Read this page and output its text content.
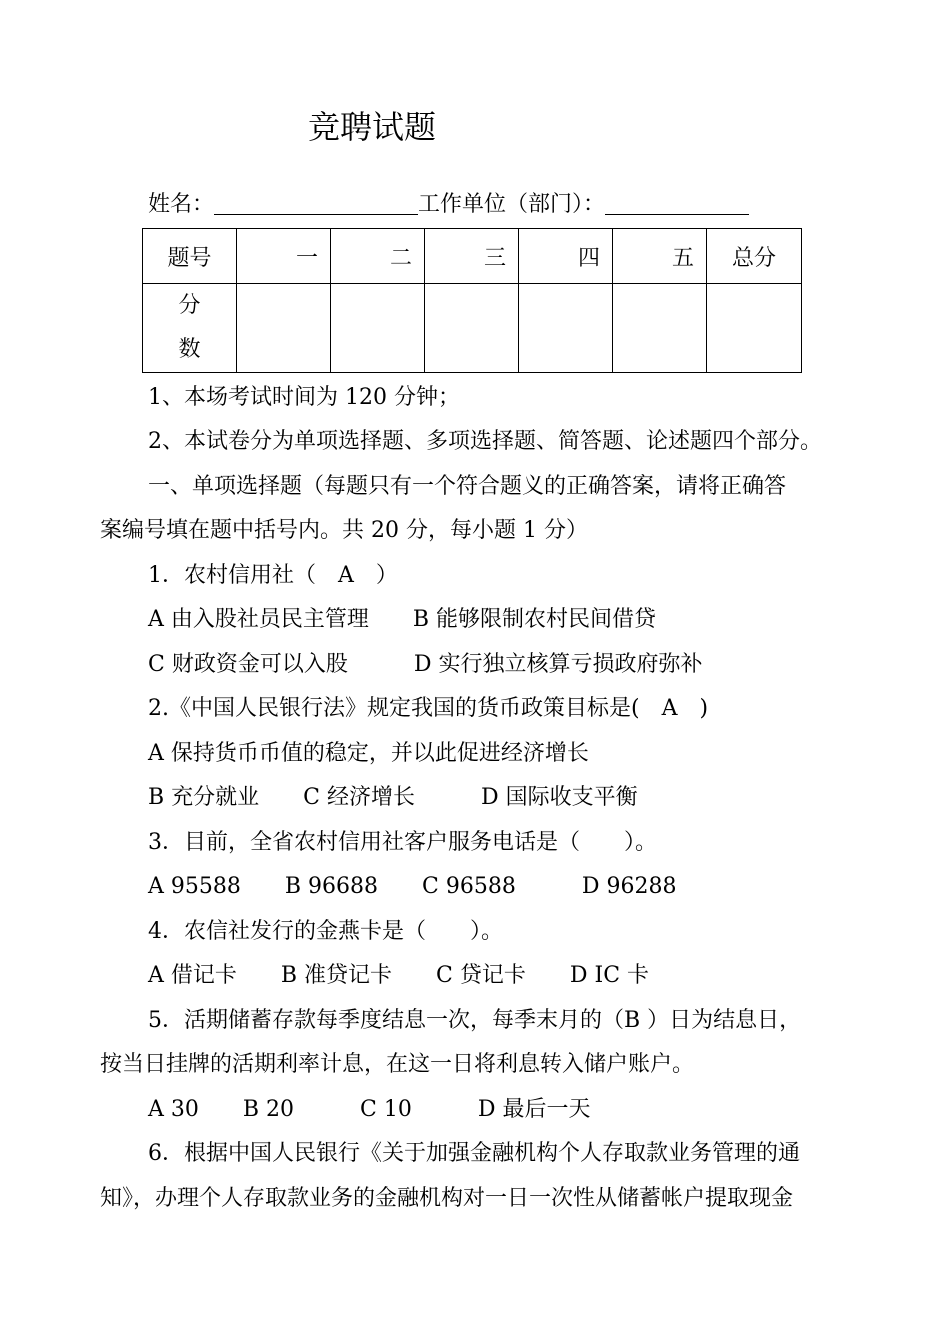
竞聘试题
姓名：	工作单位（部门）：
题号	一	二	三	四	五	总分

分
数						

1、本场考试时间为 120 分钟；
2、本试卷分为单项选择题、多项选择题、简答题、论述题四个部分。
一、单项选择题（每题只有一个符合题义的正确答案，请将正确答
案编号填在题中括号内。共 20 分，每小题 1 分）
1．农村信用社（　A　）
A 由入股社员民主管理　　B 能够限制农村民间借贷
C 财政资金可以入股　　　D 实行独立核算亏损政府弥补
2.《中国人民银行法》规定我国的货币政策目标是(　A　)
A 保持货币币值的稳定，并以此促进经济增长
B 充分就业　　C 经济增长　　　D 国际收支平衡
3．目前，全省农村信用社客户服务电话是（　　）。
A 95588　　B 96688　　C 96588　　　D 96288
4．农信社发行的金燕卡是（　　）。
A 借记卡　　B 准贷记卡　　C 贷记卡　　D IC 卡
5．活期储蓄存款每季度结息一次，每季末月的（B ）日为结息日，
按当日挂牌的活期利率计息，在这一日将利息转入储户账户。
A 30　　B 20　　　C 10　　　D 最后一天
6．根据中国人民银行《关于加强金融机构个人存取款业务管理的通
知》，办理个人存取款业务的金融机构对一日一次性从储蓄帐户提取现金
